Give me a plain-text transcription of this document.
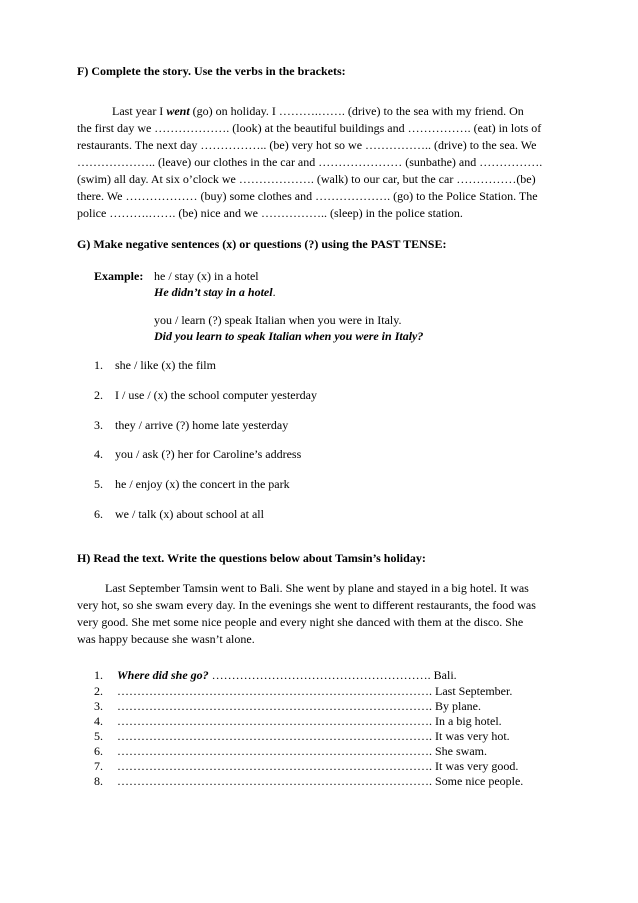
F) Complete the story. Use the verbs in the brackets:
Last year I went (go) on holiday. I ……….……. (drive) to the sea with my friend. On
the first day we ………………. (look) at the beautiful buildings and ……………. (eat) in lots of
restaurants. The next day …………….. (be) very hot so we …………….. (drive) to the sea. We
……………….. (leave) our clothes in the car and ………………… (sunbathe) and …………….
(swim) all day. At six o’clock we ………………. (walk) to our car, but the car ……………(be)
there. We ……………… (buy) some clothes and ………………. (go) to the Police Station. The
police ……….……. (be) nice and we …………….. (sleep) in the police station.
G) Make negative sentences (x) or questions (?) using the PAST TENSE:
Example: he / stay (x) in a hotel
He didn’t stay in a hotel.
you / learn (?) speak Italian when you were in Italy.
Did you learn to speak Italian when you were in Italy?
1. she / like (x) the film
2. I / use / (x) the school computer yesterday
3. they / arrive (?) home late yesterday
4. you / ask (?) her for Caroline’s address
5. he / enjoy (x) the concert in the park
6. we / talk (x) about school at all
H) Read the text. Write the questions below about Tamsin’s holiday:
Last September Tamsin went to Bali. She went by plane and stayed in a big hotel. It was
very hot, so she swam every day. In the evenings she went to different restaurants, the food was
very good. She met some nice people and every night she danced with them at the disco. She
was happy because she wasn’t alone.
1. Where did she go? ………………………………………………. Bali.
2. ……………………………………………………………………. Last September.
3. ……………………………………………………………………. By plane.
4. ……………………………………………………………………. In a big hotel.
5. ……………………………………………………………………. It was very hot.
6. ……………………………………………………………………. She swam.
7. ……………………………………………………………………. It was very good.
8. ……………………………………………………………………. Some nice people.
